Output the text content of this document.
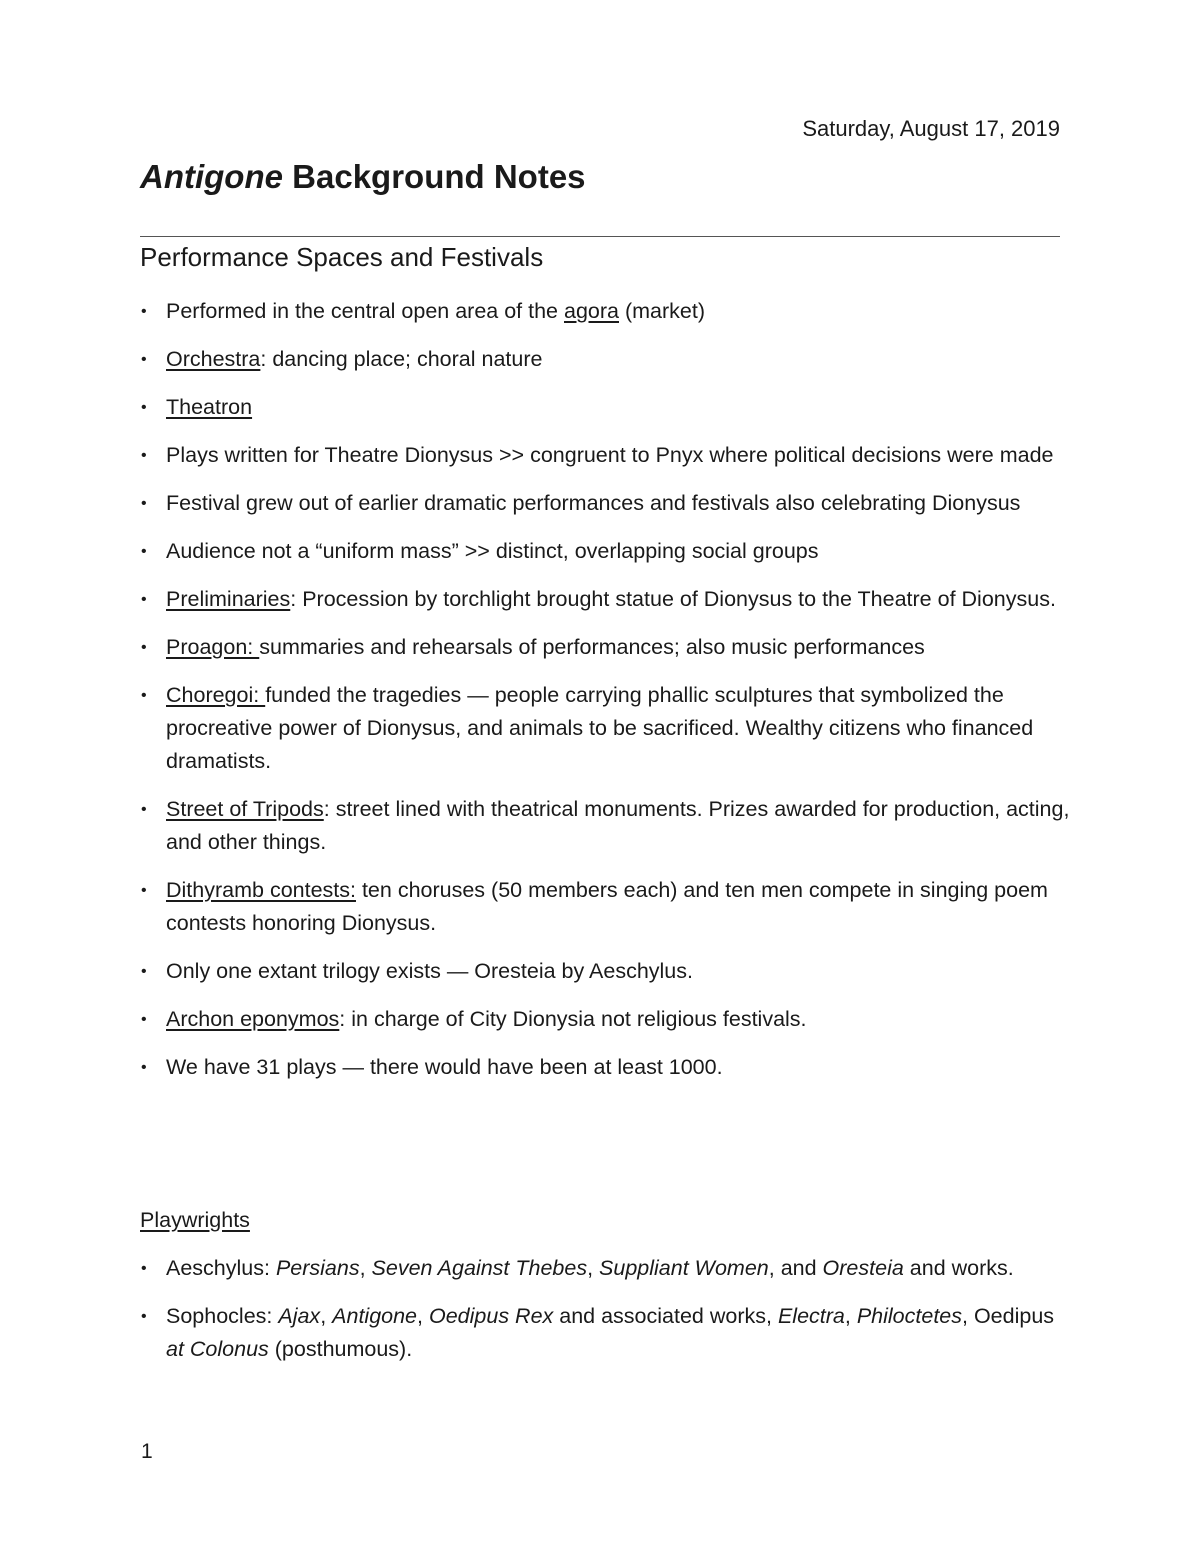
Saturday, August 17, 2019
Antigone Background Notes
Performance Spaces and Festivals
• Performed in the central open area of the agora (market)
• Orchestra: dancing place; choral nature
• Theatron
• Plays written for Theatre Dionysus >> congruent to Pnyx where political decisions were made
• Festival grew out of earlier dramatic performances and festivals also celebrating Dionysus
• Audience not a “uniform mass” >> distinct, overlapping social groups
• Preliminaries: Procession by torchlight brought statue of Dionysus to the Theatre of Dionysus.
• Proagon: summaries and rehearsals of performances; also music performances
• Choregoi: funded the tragedies — people carrying phallic sculptures that symbolized the procreative power of Dionysus, and animals to be sacrificed. Wealthy citizens who financed dramatists.
• Street of Tripods: street lined with theatrical monuments. Prizes awarded for production, acting, and other things.
• Dithyramb contests: ten choruses (50 members each) and ten men compete in singing poem contests honoring Dionysus.
• Only one extant trilogy exists — Oresteia by Aeschylus.
• Archon eponymos: in charge of City Dionysia not religious festivals.
• We have 31 plays — there would have been at least 1000.
Playwrights
• Aeschylus: Persians, Seven Against Thebes, Suppliant Women, and Oresteia and works.
• Sophocles: Ajax, Antigone, Oedipus Rex and associated works, Electra, Philoctetes, Oedipus at Colonus (posthumous).
1
